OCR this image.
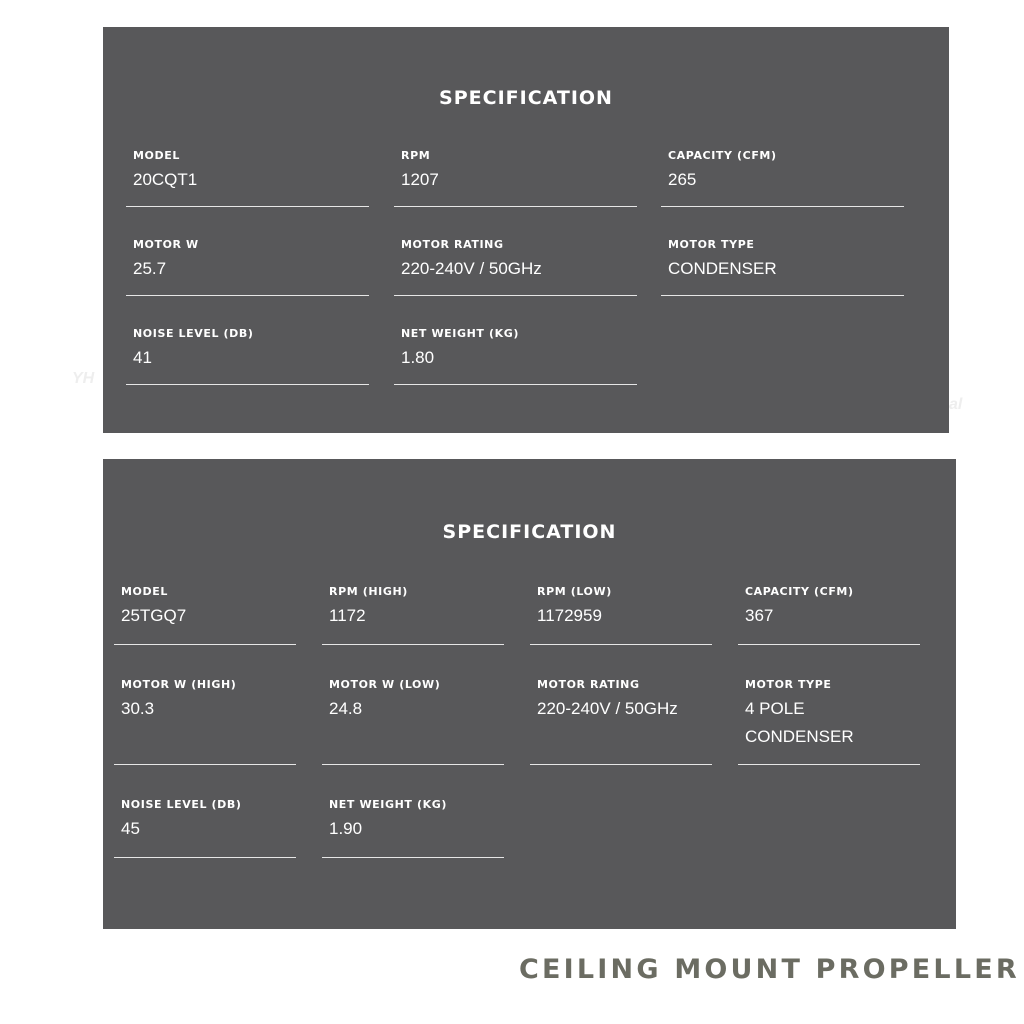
YH
al
SPECIFICATION
MODEL
20CQT1
RPM
1207
CAPACITY (CFM)
265
MOTOR W
25.7
MOTOR RATING
220-240V / 50GHz
MOTOR TYPE
CONDENSER
NOISE LEVEL (DB)
41
NET WEIGHT (KG)
1.80
SPECIFICATION
MODEL
25TGQ7
RPM (HIGH)
1172
RPM (LOW)
1172959
CAPACITY (CFM)
367
MOTOR W (HIGH)
30.3
MOTOR W (LOW)
24.8
MOTOR RATING
220-240V / 50GHz
MOTOR TYPE
4 POLE
CONDENSER
NOISE LEVEL (DB)
45
NET WEIGHT (KG)
1.90
CEILING MOUNT PROPELLER
